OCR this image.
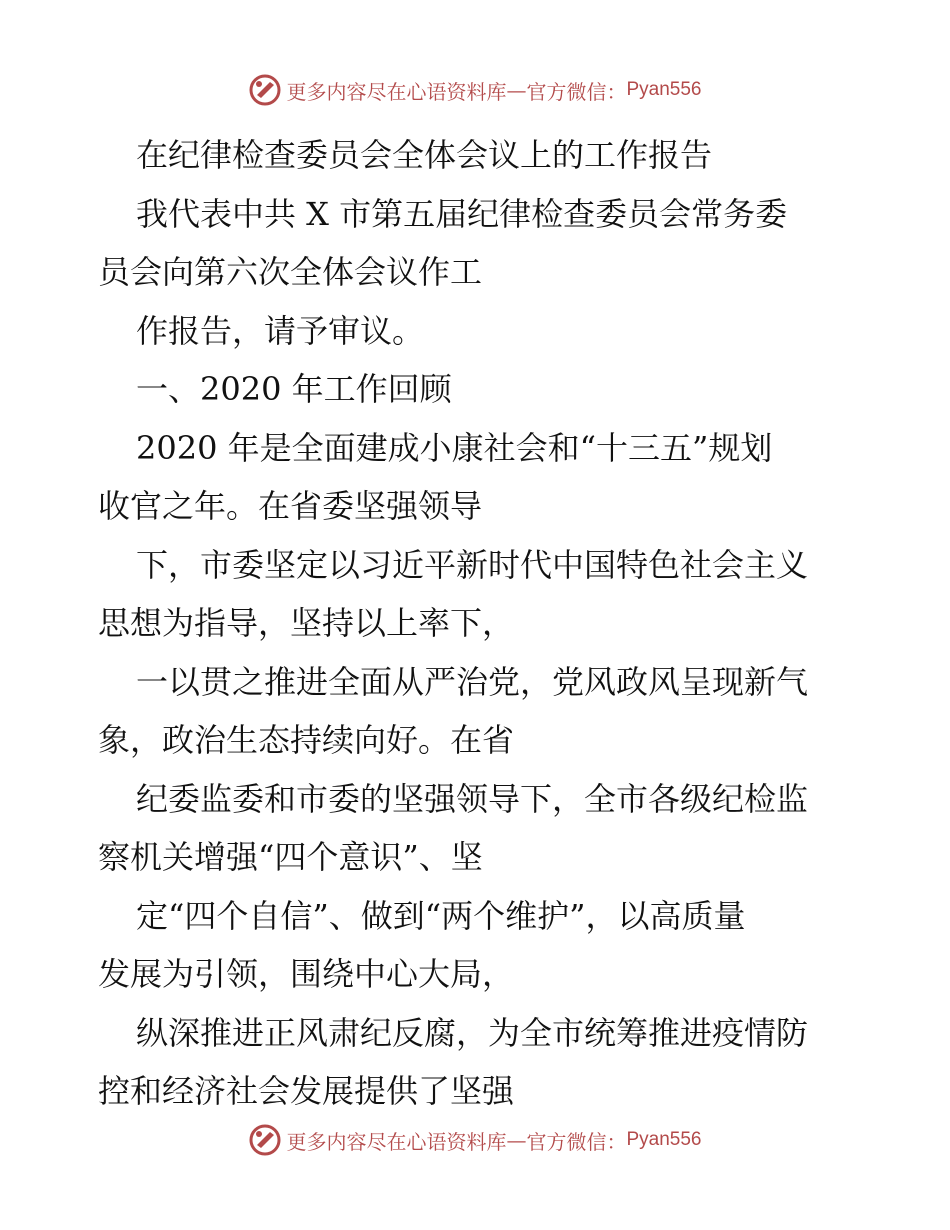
更多内容尽在心语资料库 — 官方微信： Pyan556
在纪律检查委员会全体会议上的工作报告
我代表中共 X 市第五届纪律检查委员会常务委
员会向第六次全体会议作工
作报告，请予审议。
一、2020 年工作回顾
2020 年是全面建成小康社会和“十三五”规划
收官之年。在省委坚强领导
下，市委坚定以习近平新时代中国特色社会主义
思想为指导，坚持以上率下，
一以贯之推进全面从严治党，党风政风呈现新气
象，政治生态持续向好。在省
纪委监委和市委的坚强领导下，全市各级纪检监
察机关增强“四个意识”、坚
定“四个自信”、做到“两个维护”，以高质量
发展为引领，围绕中心大局，
纵深推进正风肃纪反腐，为全市统筹推进疫情防
控和经济社会发展提供了坚强
更多内容尽在心语资料库 — 官方微信： Pyan556
